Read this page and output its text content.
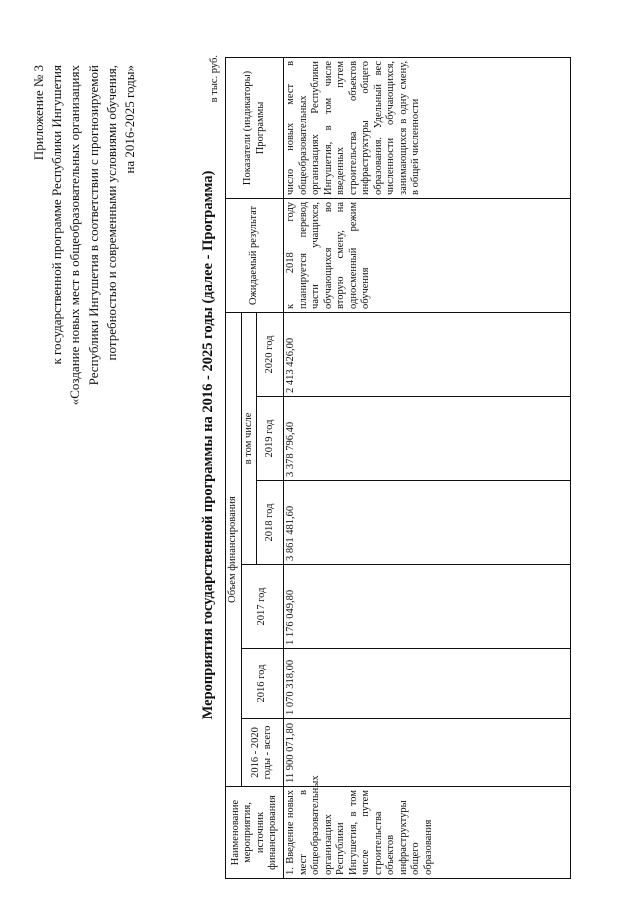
Приложение № 3 к государственной программе Республики Ингушетия «Создание новых мест в общеобразовательных организациях Республики Ингушетия в соответствии с прогнозируемой потребностью и современными условиями обучения, на 2016-2025 годы»
Мероприятия государственной программы на 2016 - 2025 годы (далее - Программа)
в тыс. руб.
Наименование мероприятия, источник финансирования	Объем финансирования						Ожидаемый результат	Показатели (индикаторы) Программы
	2016 - 2020 годы - всего	2016 год	2017 год	в том числе				
				2018 год	2019 год	2020 год		
1. Введение новых мест в общеобразовательных организациях Республики Ингушетия, в том числе путем строительства объектов инфраструктуры общего образования	11 900 071,80	1 070 318,00	1 176 049,80	3 861 481,60	3 378 796,40	2 413 426,00	к 2018 году планируется перевод части учащихся, обучающихся во вторую смену, на односменный режим обучения	число новых мест в общеобразовательных организациях Республики Ингушетия, в том числе введенных путем строительства объектов инфраструктуры общего образования. Удельный вес численности обучающихся, занимающихся в одну смену, в общей численности
